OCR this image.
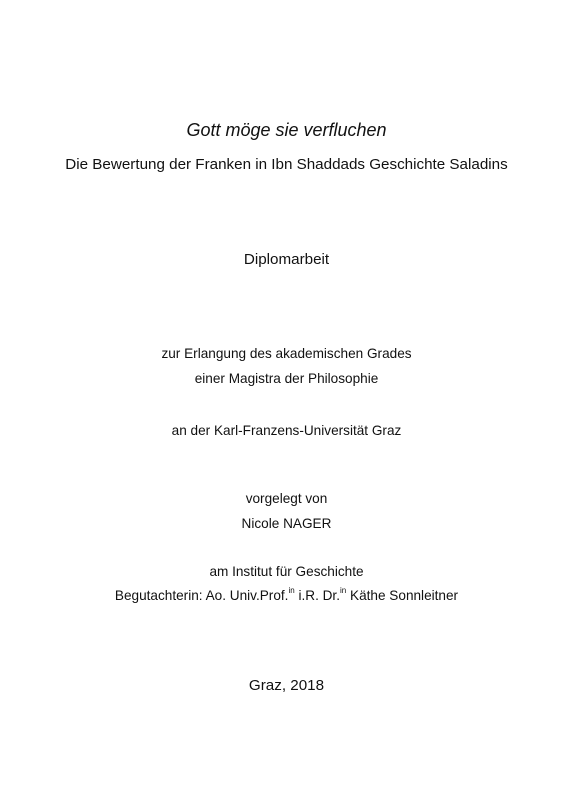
Gott möge sie verfluchen
Die Bewertung der Franken in Ibn Shaddads Geschichte Saladins
Diplomarbeit
zur Erlangung des akademischen Grades
einer Magistra der Philosophie
an der Karl-Franzens-Universität Graz
vorgelegt von
Nicole NAGER
am Institut für Geschichte
Begutachterin: Ao. Univ.Prof.$^{in}$ i.R. Dr.$^{in}$ Käthe Sonnleitner
Graz, 2018
